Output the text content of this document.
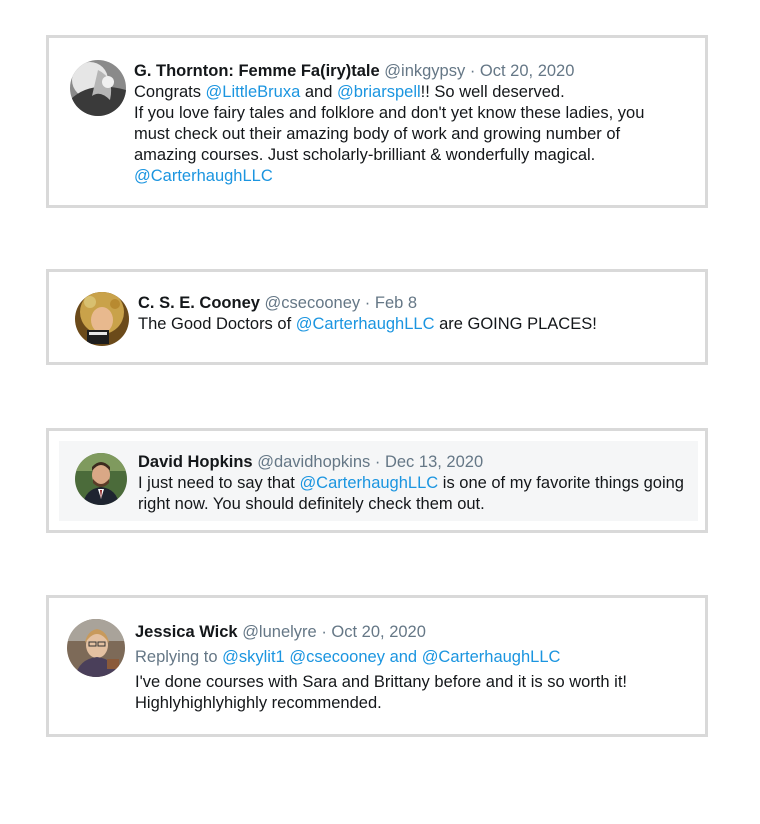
G. Thornton: Femme Fa(iry)tale @inkgypsy · Oct 20, 2020

Congrats @LittleBruxa and @briarspell!! So well deserved.

If you love fairy tales and folklore and don't yet know these ladies, you

must check out their amazing body of work and growing number of

amazing courses. Just scholarly-brilliant & wonderfully magical.

@CarterhaughLLC

C. S. E. Cooney @csecooney · Feb 8

The Good Doctors of @CarterhaughLLC are GOING PLACES!

David Hopkins @davidhopkins · Dec 13, 2020

I just need to say that @CarterhaughLLC is one of my favorite things going

right now. You should definitely check them out.

Jessica Wick @lunelyre · Oct 20, 2020

Replying to @skylit1 @csecooney and @CarterhaughLLC

I've done courses with Sara and Brittany before and it is so worth it!

Highlyhighlyhighly recommended.
